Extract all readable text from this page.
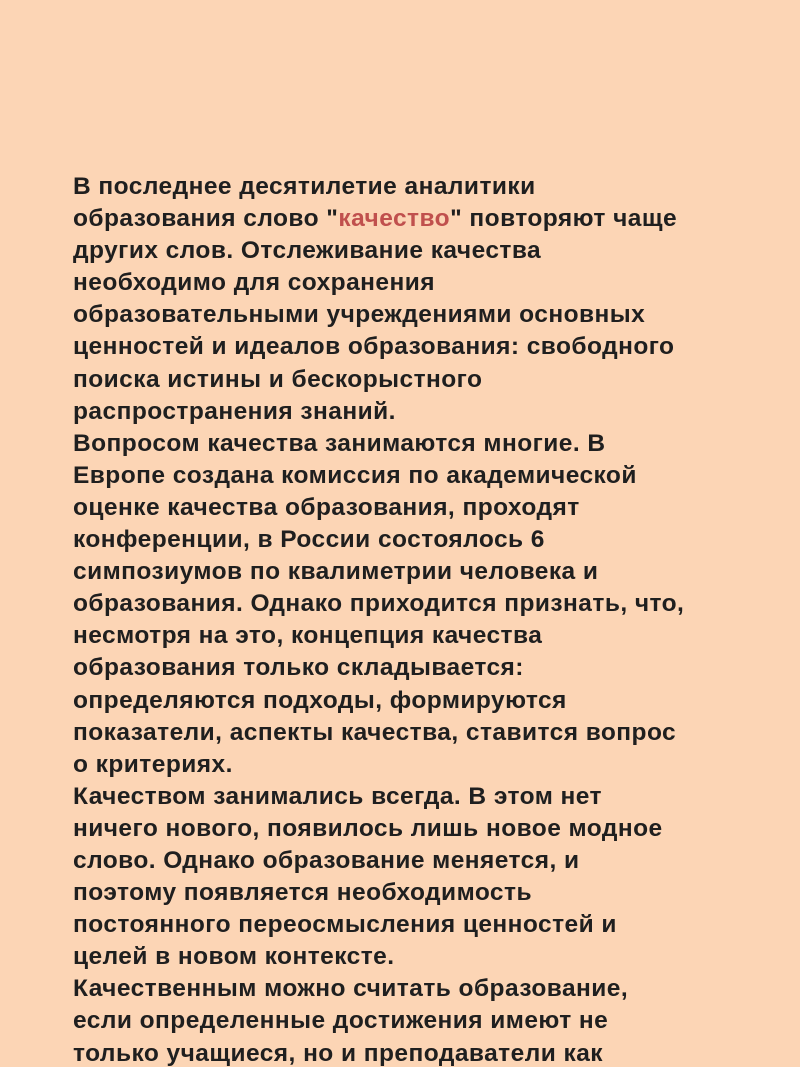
В последнее десятилетие аналитики
образования слово "качество" повторяют чаще
других слов. Отслеживание качества
необходимо для сохранения
образовательными учреждениями основных
ценностей и идеалов образования: свободного
поиска истины и бескорыстного
распространения знаний.
Вопросом качества занимаются многие. В
Европе создана комиссия по академической
оценке качества образования, проходят
конференции, в России состоялось 6
симпозиумов по квалиметрии человека и
образования. Однако приходится признать, что,
несмотря на это, концепция качества
образования только складывается:
определяются подходы, формируются
показатели, аспекты качества, ставится вопрос
о критериях.
Качеством занимались всегда. В этом нет
ничего нового, появилось лишь новое модное
слово. Однако образование меняется, и
поэтому появляется необходимость
постоянного переосмысления ценностей и
целей в новом контексте.
Качественным можно считать образование,
если определенные достижения имеют не
только учащиеся, но и преподаватели как
